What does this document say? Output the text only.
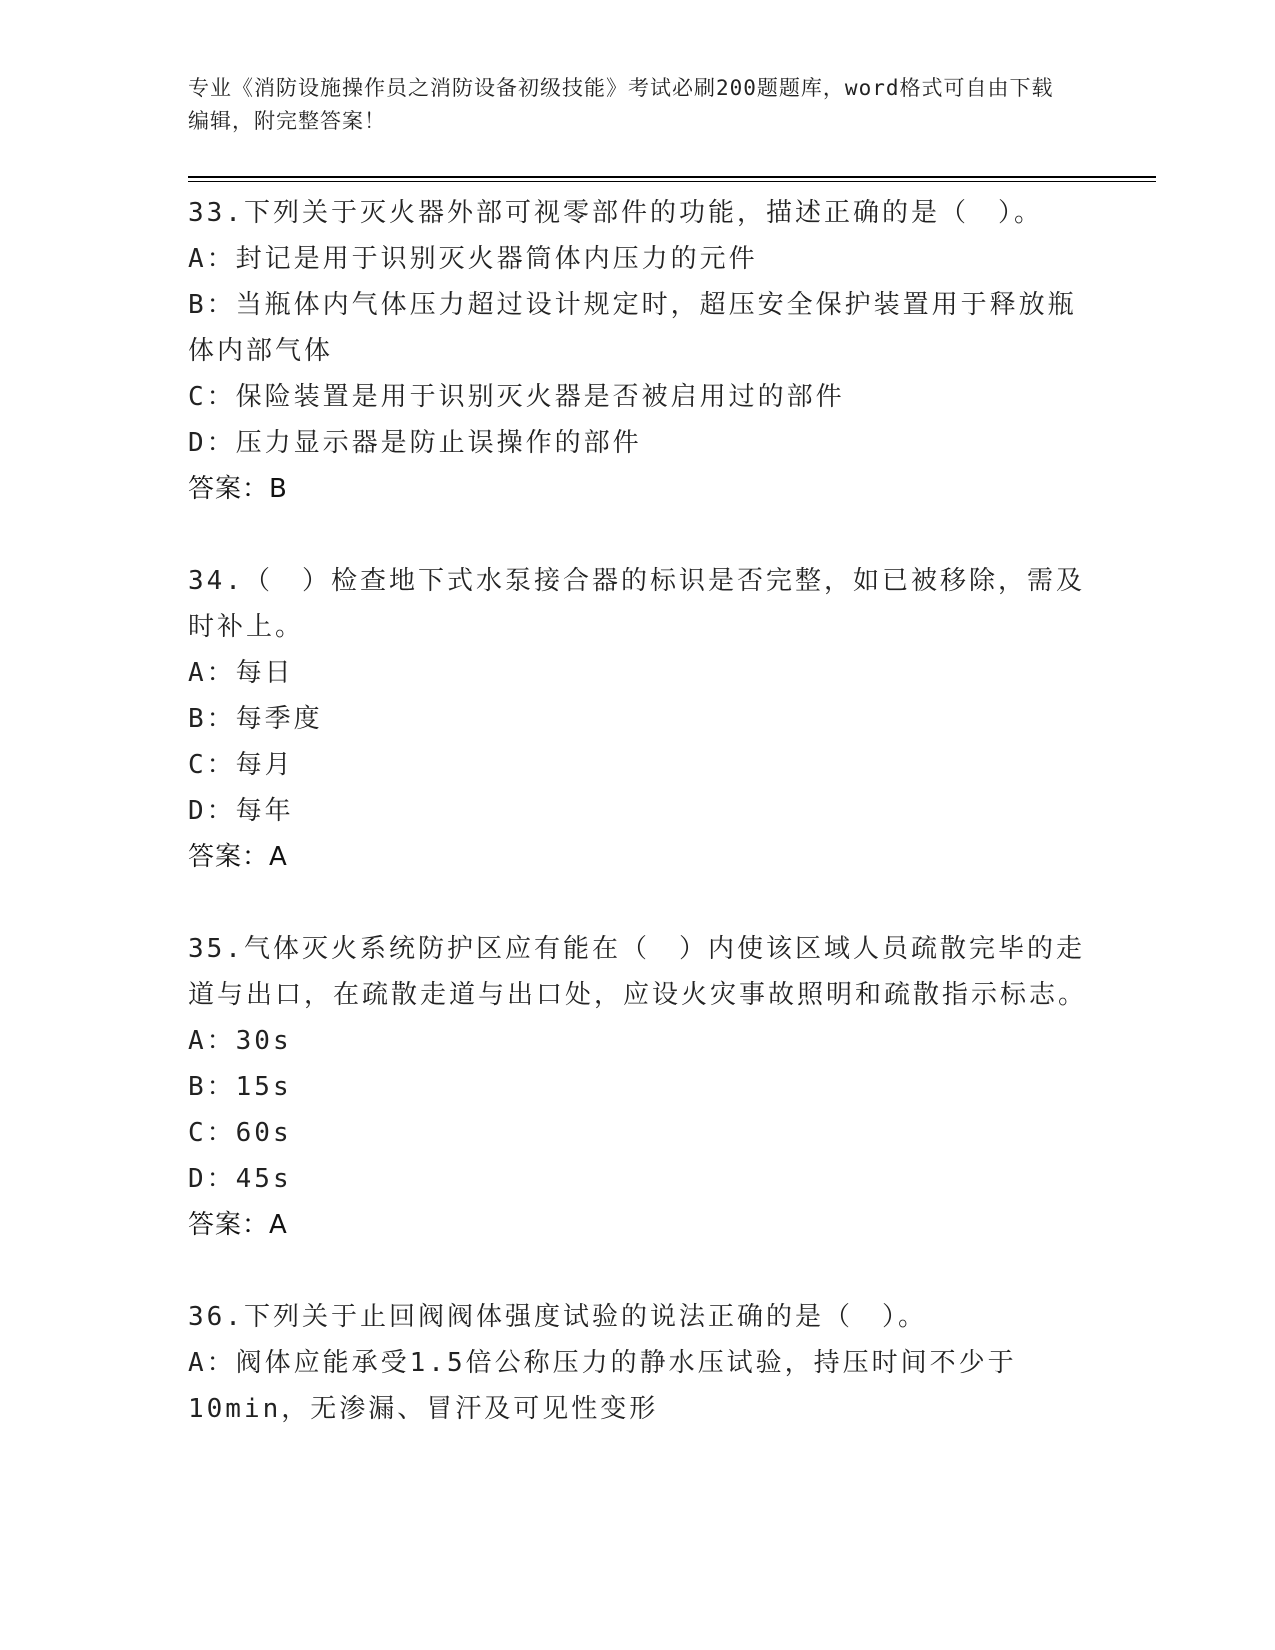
专业《消防设施操作员之消防设备初级技能》考试必刷200题题库，word格式可自由下载编辑，附完整答案！

33.下列关于灭火器外部可视零部件的功能，描述正确的是（　）。

A：封记是用于识别灭火器筒体内压力的元件

B：当瓶体内气体压力超过设计规定时，超压安全保护装置用于释放瓶体内部气体

C：保险装置是用于识别灭火器是否被启用过的部件

D：压力显示器是防止误操作的部件

答案：B

34.（　）检查地下式水泵接合器的标识是否完整，如已被移除，需及时补上。

A：每日

B：每季度

C：每月

D：每年

答案：A

35.气体灭火系统防护区应有能在（　）内使该区域人员疏散完毕的走道与出口，在疏散走道与出口处，应设火灾事故照明和疏散指示标志。

A：30s

B：15s

C：60s

D：45s

答案：A

36.下列关于止回阀阀体强度试验的说法正确的是（　）。

A：阀体应能承受1.5倍公称压力的静水压试验，持压时间不少于10min，无渗漏、冒汗及可见性变形
